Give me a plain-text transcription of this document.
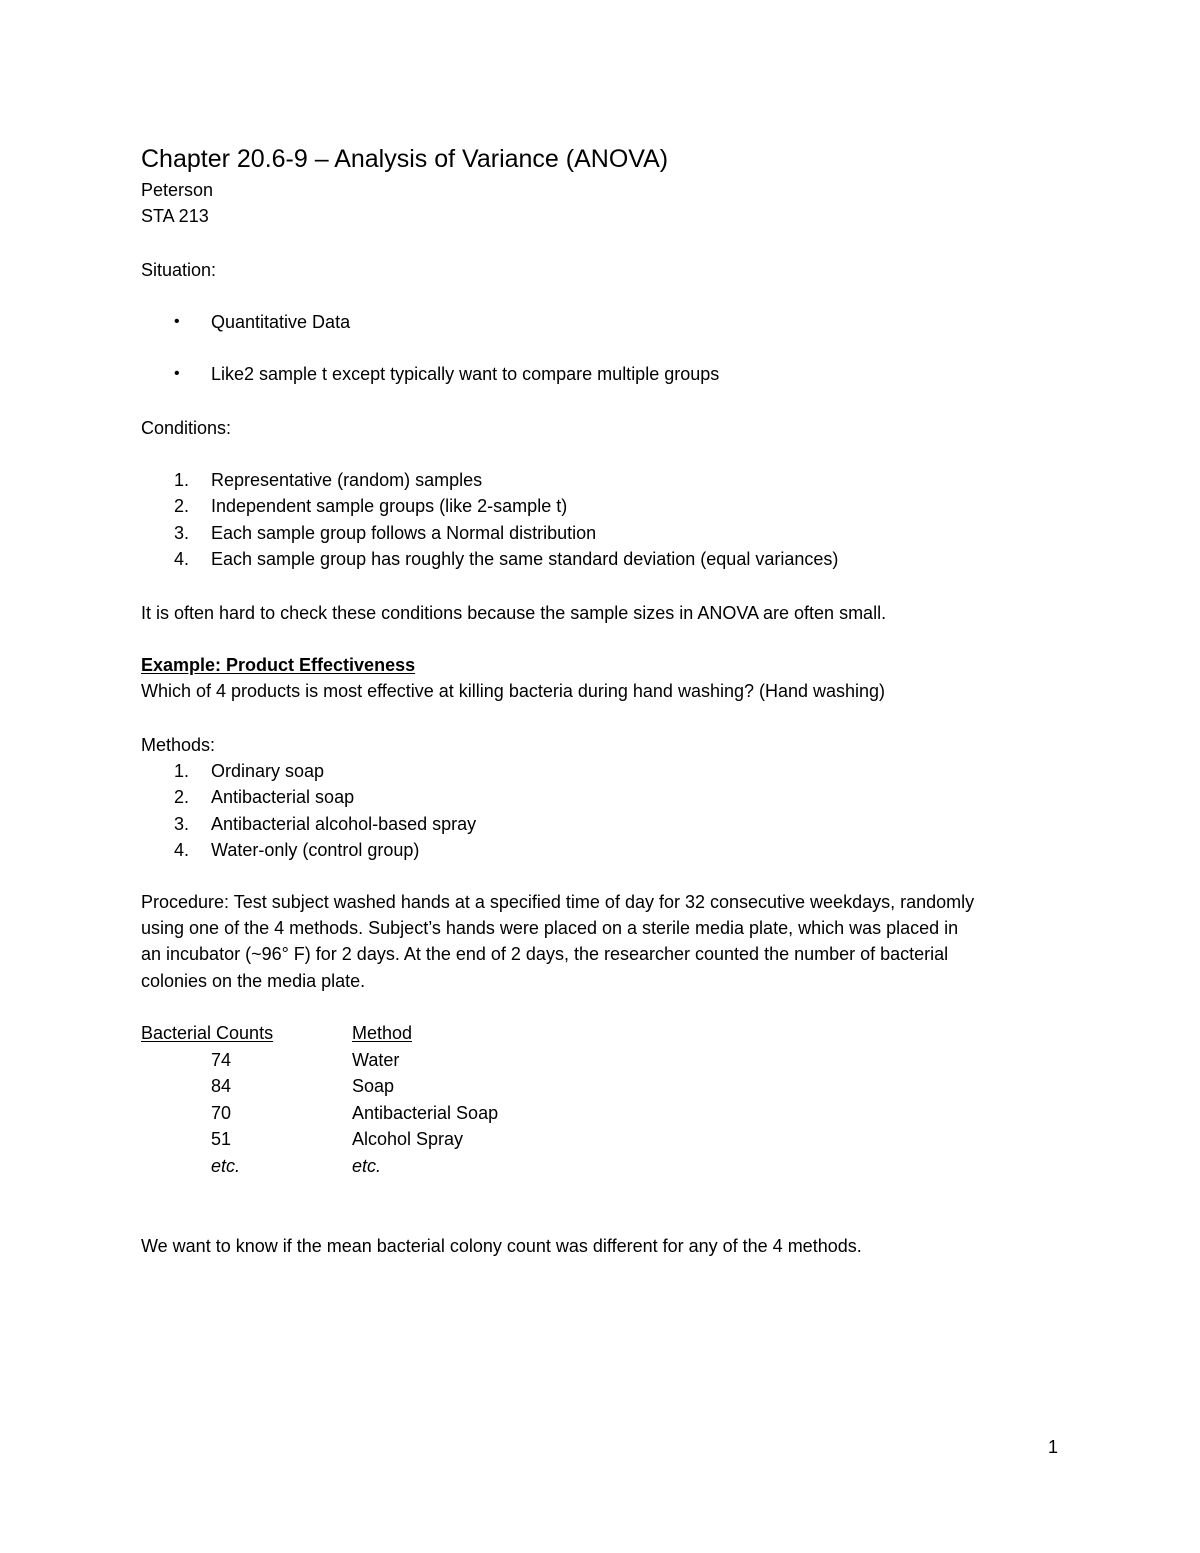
Chapter 20.6-9 – Analysis of Variance (ANOVA)
Peterson
STA 213
Situation:
• Quantitative Data
• Like2 sample t except typically want to compare multiple groups
Conditions:
1. Representative (random) samples
2. Independent sample groups (like 2-sample t)
3. Each sample group follows a Normal distribution
4. Each sample group has roughly the same standard deviation (equal variances)
It is often hard to check these conditions because the sample sizes in ANOVA are often small.
Example: Product Effectiveness
Which of 4 products is most effective at killing bacteria during hand washing? (Hand washing)
Methods:
1. Ordinary soap
2. Antibacterial soap
3. Antibacterial alcohol-based spray
4. Water-only (control group)
Procedure: Test subject washed hands at a specified time of day for 32 consecutive weekdays, randomly
using one of the 4 methods. Subject’s hands were placed on a sterile media plate, which was placed in
an incubator (~96° F) for 2 days. At the end of 2 days, the researcher counted the number of bacterial
colonies on the media plate.
Bacterial Counts	Method
74	Water
84	Soap
70	Antibacterial Soap
51	Alcohol Spray
etc.	etc.
We want to know if the mean bacterial colony count was different for any of the 4 methods.
1
